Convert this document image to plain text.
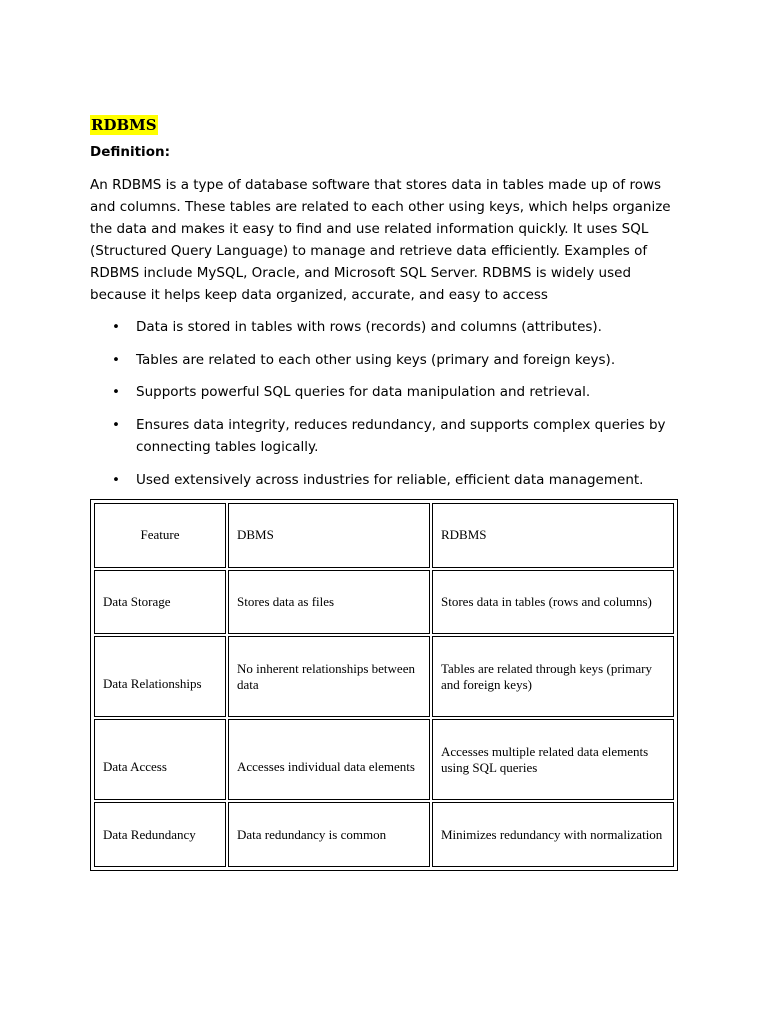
RDBMS
Definition:

An RDBMS is a type of database software that stores data in tables made up of rows and columns. These tables are related to each other using keys, which helps organize the data and makes it easy to find and use related information quickly. It uses SQL (Structured Query Language) to manage and retrieve data efficiently. Examples of RDBMS include MySQL, Oracle, and Microsoft SQL Server. RDBMS is widely used because it helps keep data organized, accurate, and easy to access

• Data is stored in tables with rows (records) and columns (attributes).
• Tables are related to each other using keys (primary and foreign keys).
• Supports powerful SQL queries for data manipulation and retrieval.
• Ensures data integrity, reduces redundancy, and supports complex queries by connecting tables logically.
• Used extensively across industries for reliable, efficient data management.
Feature	DBMS	RDBMS
Data Storage	Stores data as files	Stores data in tables (rows and columns)
Data Relationships	No inherent relationships between data	Tables are related through keys (primary and foreign keys)
Data Access	Accesses individual data elements	Accesses multiple related data elements using SQL queries
Data Redundancy	Data redundancy is common	Minimizes redundancy with normalization
